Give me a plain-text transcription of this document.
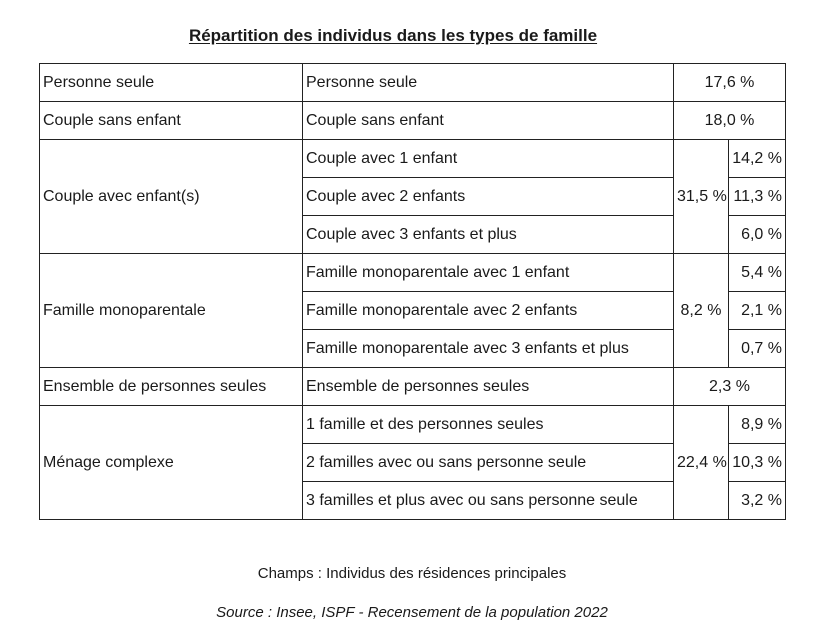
Répartition des individus dans les types de famille
Personne seule	Personne seule	17,6 %	
Couple sans enfant	Couple sans enfant	18,0 %	
Couple avec enfant(s)	Couple avec 1 enfant	31,5 %	14,2 %
	Couple avec 2 enfants		11,3 %
	Couple avec 3 enfants et plus		6,0 %
Famille monoparentale	Famille monoparentale avec 1 enfant	8,2 %	5,4 %
	Famille monoparentale avec 2 enfants		2,1 %
	Famille monoparentale avec 3 enfants et plus		0,7 %
Ensemble de personnes seules	Ensemble de personnes seules	2,3 %	
Ménage complexe	1 famille et des personnes seules	22,4 %	8,9 %
	2 familles avec ou sans personne seule		10,3 %
	3 familles et plus avec ou sans personne seule		3,2 %
Champs : Individus des résidences principales
Source : Insee, ISPF - Recensement de la population 2022
